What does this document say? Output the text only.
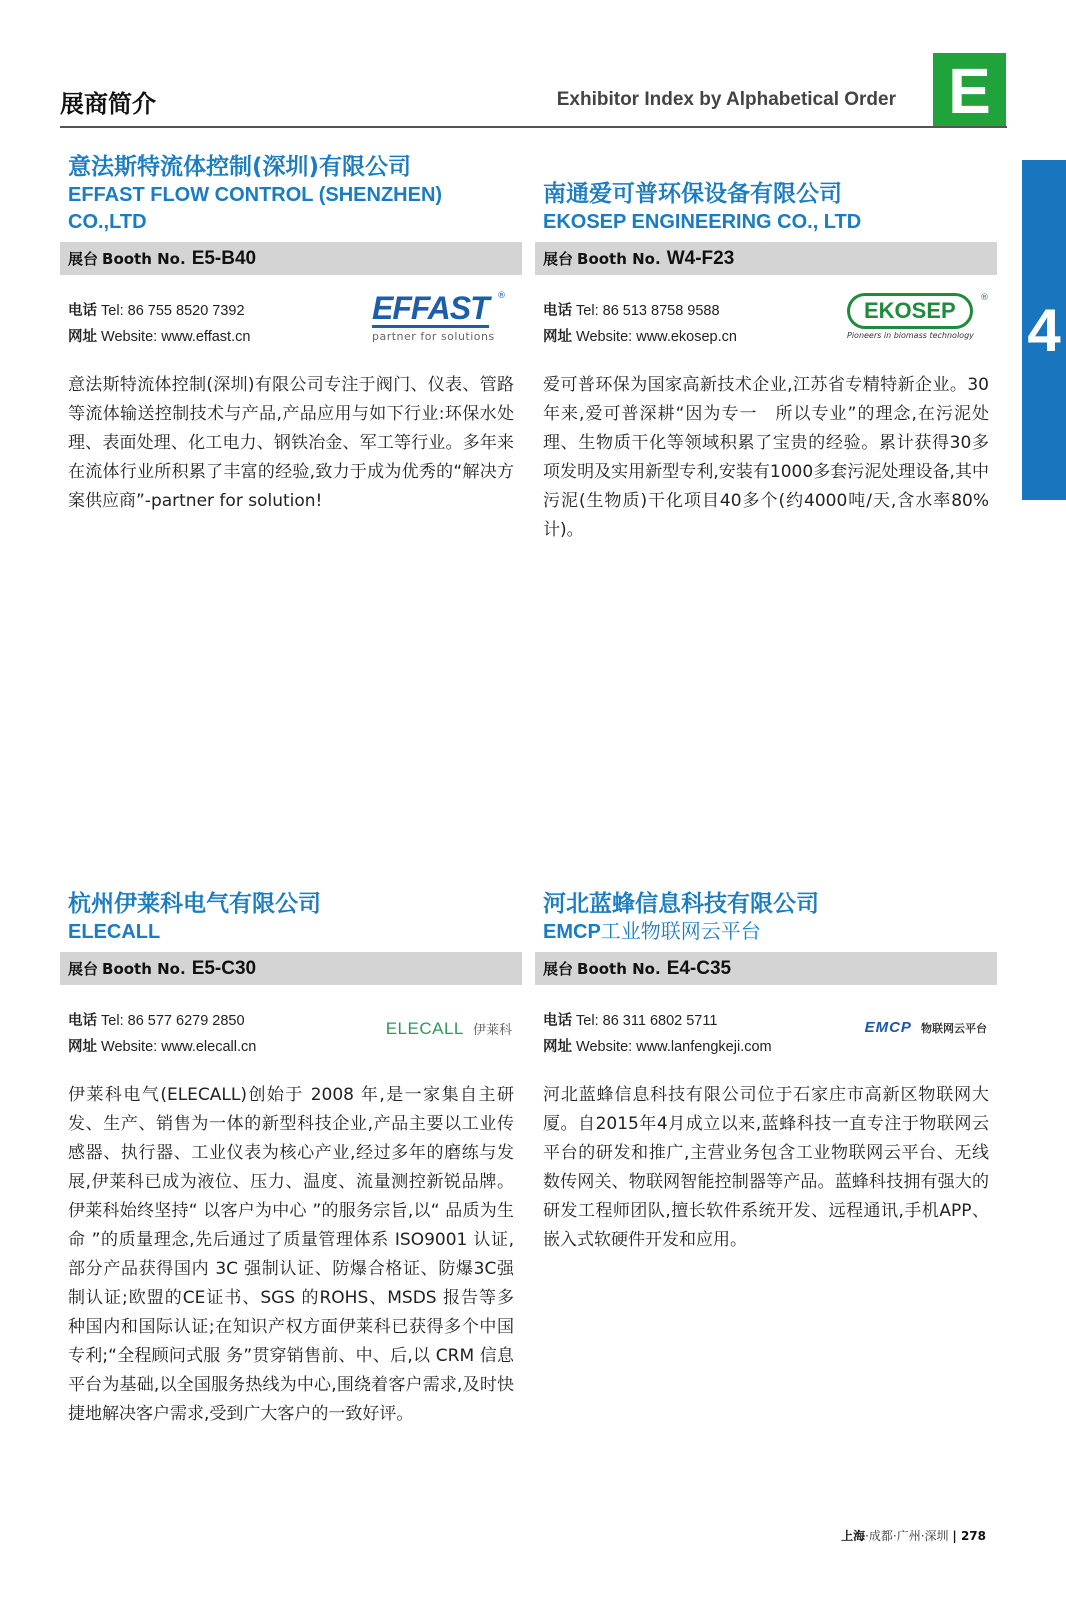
展商简介	Exhibitor Index by Alphabetical Order E
4
意法斯特流体控制(深圳)有限公司
EFFAST FLOW CONTROL (SHENZHEN) CO.,LTD
展台 Booth No. E5-B40
电话 Tel: 86 755 8520 7392
网址 Website: www.effast.cn
EFFAST ®
partner for solutions
意法斯特流体控制(深圳)有限公司专注于阀门、仪表、管路等流体输送控制技术与产品,产品应用与如下行业:环保水处理、表面处理、化工电力、钢铁冶金、军工等行业。多年来在流体行业所积累了丰富的经验,致力于成为优秀的“解决方案供应商”-partner for solution!
南通爱可普环保设备有限公司
EKOSEP ENGINEERING CO., LTD
展台 Booth No. W4-F23
电话 Tel: 86 513 8758 9588
网址 Website: www.ekosep.cn
EKOSEP	®
Pioneers in biomass technology
爱可普环保为国家高新技术企业,江苏省专精特新企业。30年来,爱可普深耕“因为专一　所以专业”的理念,在污泥处理、生物质干化等领域积累了宝贵的经验。累计获得30多项发明及实用新型专利,安装有1000多套污泥处理设备,其中污泥(生物质)干化项目40多个(约4000吨/天,含水率80%计)。
杭州伊莱科电气有限公司
ELECALL
展台 Booth No. E5-C30
电话 Tel: 86 577 6279 2850
网址 Website: www.elecall.cn
ELECALL 伊莱科
伊莱科电气(ELECALL)创始于 2008 年,是一家集自主研发、生产、销售为一体的新型科技企业,产品主要以工业传感器、执行器、工业仪表为核心产业,经过多年的磨练与发展,伊莱科已成为液位、压力、温度、流量测控新锐品牌。伊莱科始终坚持“ 以客户为中心 ”的服务宗旨,以“ 品质为生命 ”的质量理念,先后通过了质量管理体系 ISO9001 认证,部分产品获得国内 3C 强制认证、防爆合格证、防爆3C强制认证;欧盟的CE证书、SGS 的ROHS、MSDS 报告等多 种国内和国际认证;在知识产权方面伊莱科已获得多个中国专利;“全程顾问式服 务”贯穿销售前、中、后,以 CRM 信息平台为基础,以全国服务热线为中心,围绕着客户需求,及时快捷地解决客户需求,受到广大客户的一致好评。
河北蓝蜂信息科技有限公司
EMCP工业物联网云平台
展台 Booth No. E4-C35
电话 Tel: 86 311 6802 5711
网址 Website: www.lanfengkeji.com
EMCP 物联网云平台
河北蓝蜂信息科技有限公司位于石家庄市高新区物联网大厦。自2015年4月成立以来,蓝蜂科技一直专注于物联网云平台的研发和推广,主营业务包含工业物联网云平台、无线数传网关、物联网智能控制器等产品。蓝蜂科技拥有强大的研发工程师团队,擅长软件系统开发、远程通讯,手机APP、嵌入式软硬件开发和应用。
上海·成都·广州·深圳 | 278
